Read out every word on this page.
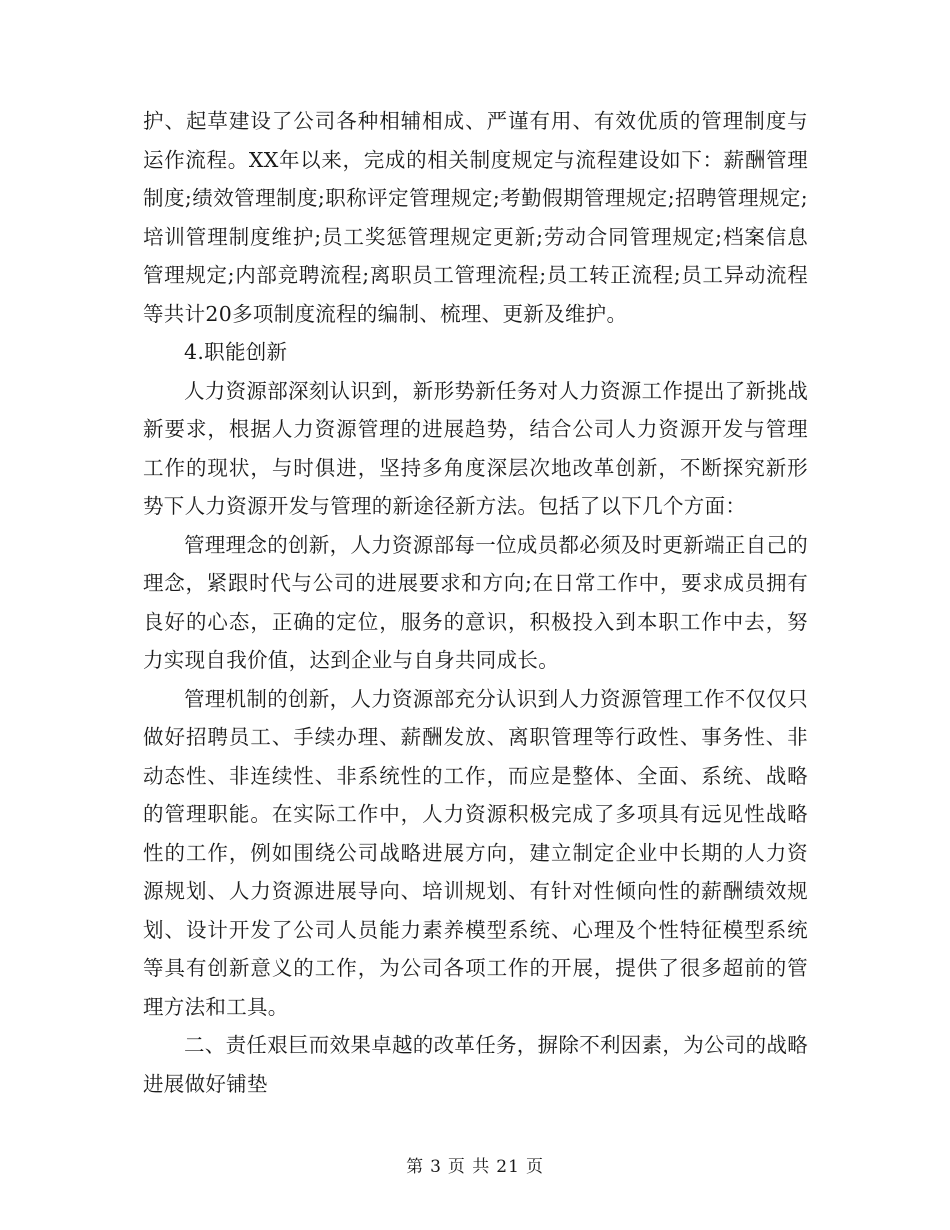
护、起草建设了公司各种相辅相成、严谨有用、有效优质的管理制度与运作流程。XX年以来，完成的相关制度规定与流程建设如下：薪酬管理制度;绩效管理制度;职称评定管理规定;考勤假期管理规定;招聘管理规定;培训管理制度维护;员工奖惩管理规定更新;劳动合同管理规定;档案信息管理规定;内部竞聘流程;离职员工管理流程;员工转正流程;员工异动流程等共计20多项制度流程的编制、梳理、更新及维护。

4.职能创新

人力资源部深刻认识到，新形势新任务对人力资源工作提出了新挑战新要求，根据人力资源管理的进展趋势，结合公司人力资源开发与管理工作的现状，与时俱进，坚持多角度深层次地改革创新，不断探究新形势下人力资源开发与管理的新途径新方法。包括了以下几个方面：

管理理念的创新，人力资源部每一位成员都必须及时更新端正自己的理念，紧跟时代与公司的进展要求和方向;在日常工作中，要求成员拥有良好的心态，正确的定位，服务的意识，积极投入到本职工作中去，努力实现自我价值，达到企业与自身共同成长。

管理机制的创新，人力资源部充分认识到人力资源管理工作不仅仅只做好招聘员工、手续办理、薪酬发放、离职管理等行政性、事务性、非动态性、非连续性、非系统性的工作，而应是整体、全面、系统、战略的管理职能。在实际工作中，人力资源积极完成了多项具有远见性战略性的工作，例如围绕公司战略进展方向，建立制定企业中长期的人力资源规划、人力资源进展导向、培训规划、有针对性倾向性的薪酬绩效规划、设计开发了公司人员能力素养模型系统、心理及个性特征模型系统等具有创新意义的工作，为公司各项工作的开展，提供了很多超前的管理方法和工具。

二、责任艰巨而效果卓越的改革任务，摒除不利因素，为公司的战略进展做好铺垫

第 3 页 共 21 页
